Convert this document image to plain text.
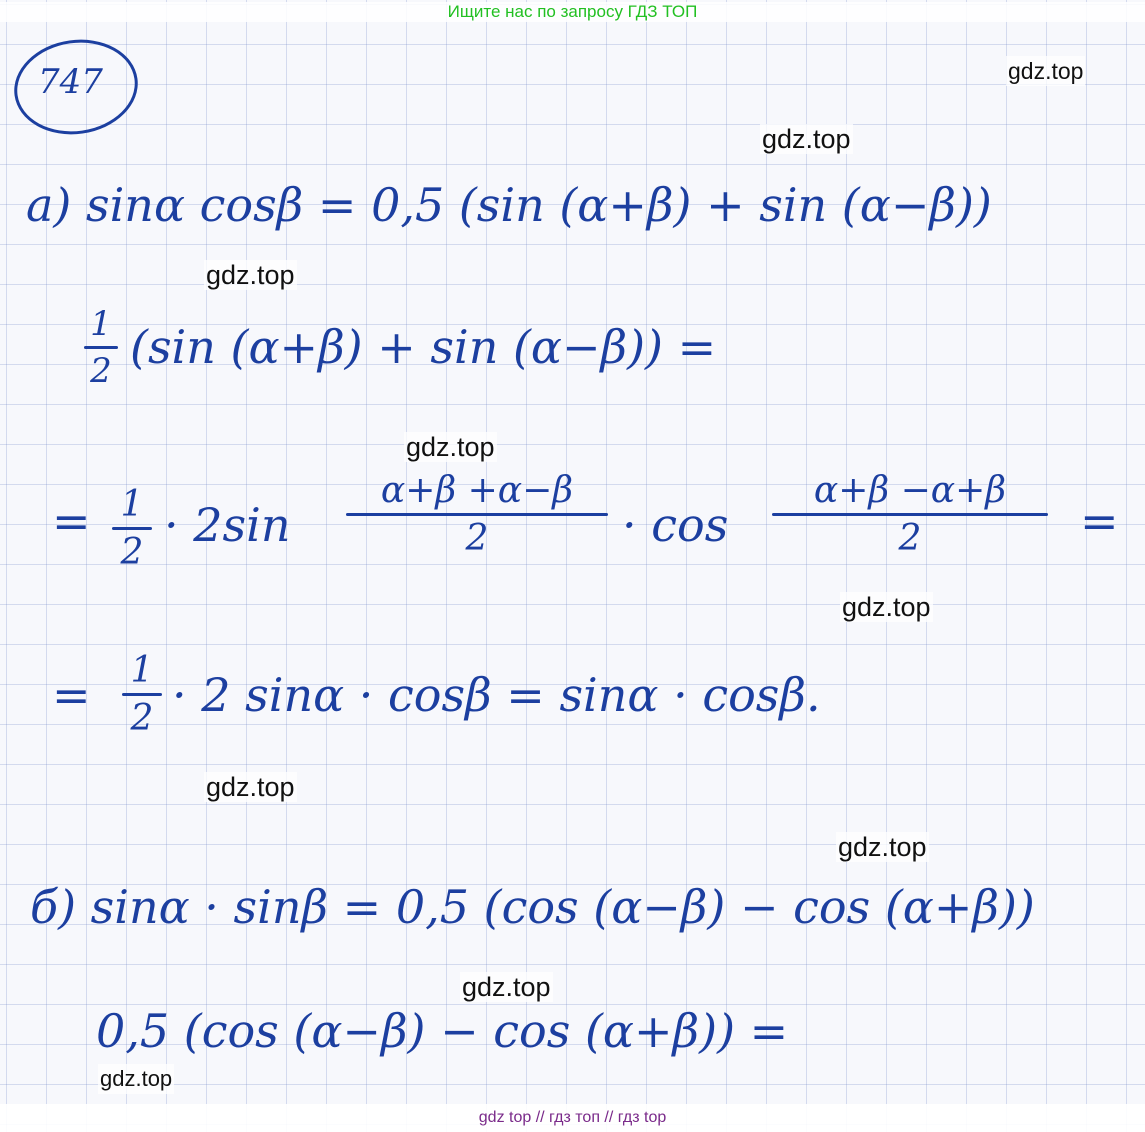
Ищите нас по запросу ГДЗ ТОП
747	gdz.top
gdz.top
gdz.top
gdz.top
gdz.top
gdz.top
gdz.top
gdz.top
gdz.top
а) sinα cosβ = 0,5 (sin (α+β) + sin (α−β))
1
2 (sin (α+β) + sin (α−β)) =
= 1
2
· 2sin
α+β +α−β
2	· cos
α+β −α+β
2	=
= 1
2 · 2 sinα · cosβ = sinα · cosβ.
б) sinα · sinβ = 0,5 (cos (α−β) − cos (α+β))
0,5 (cos (α−β) − cos (α+β)) =
gdz top // гдз топ // гдз top
